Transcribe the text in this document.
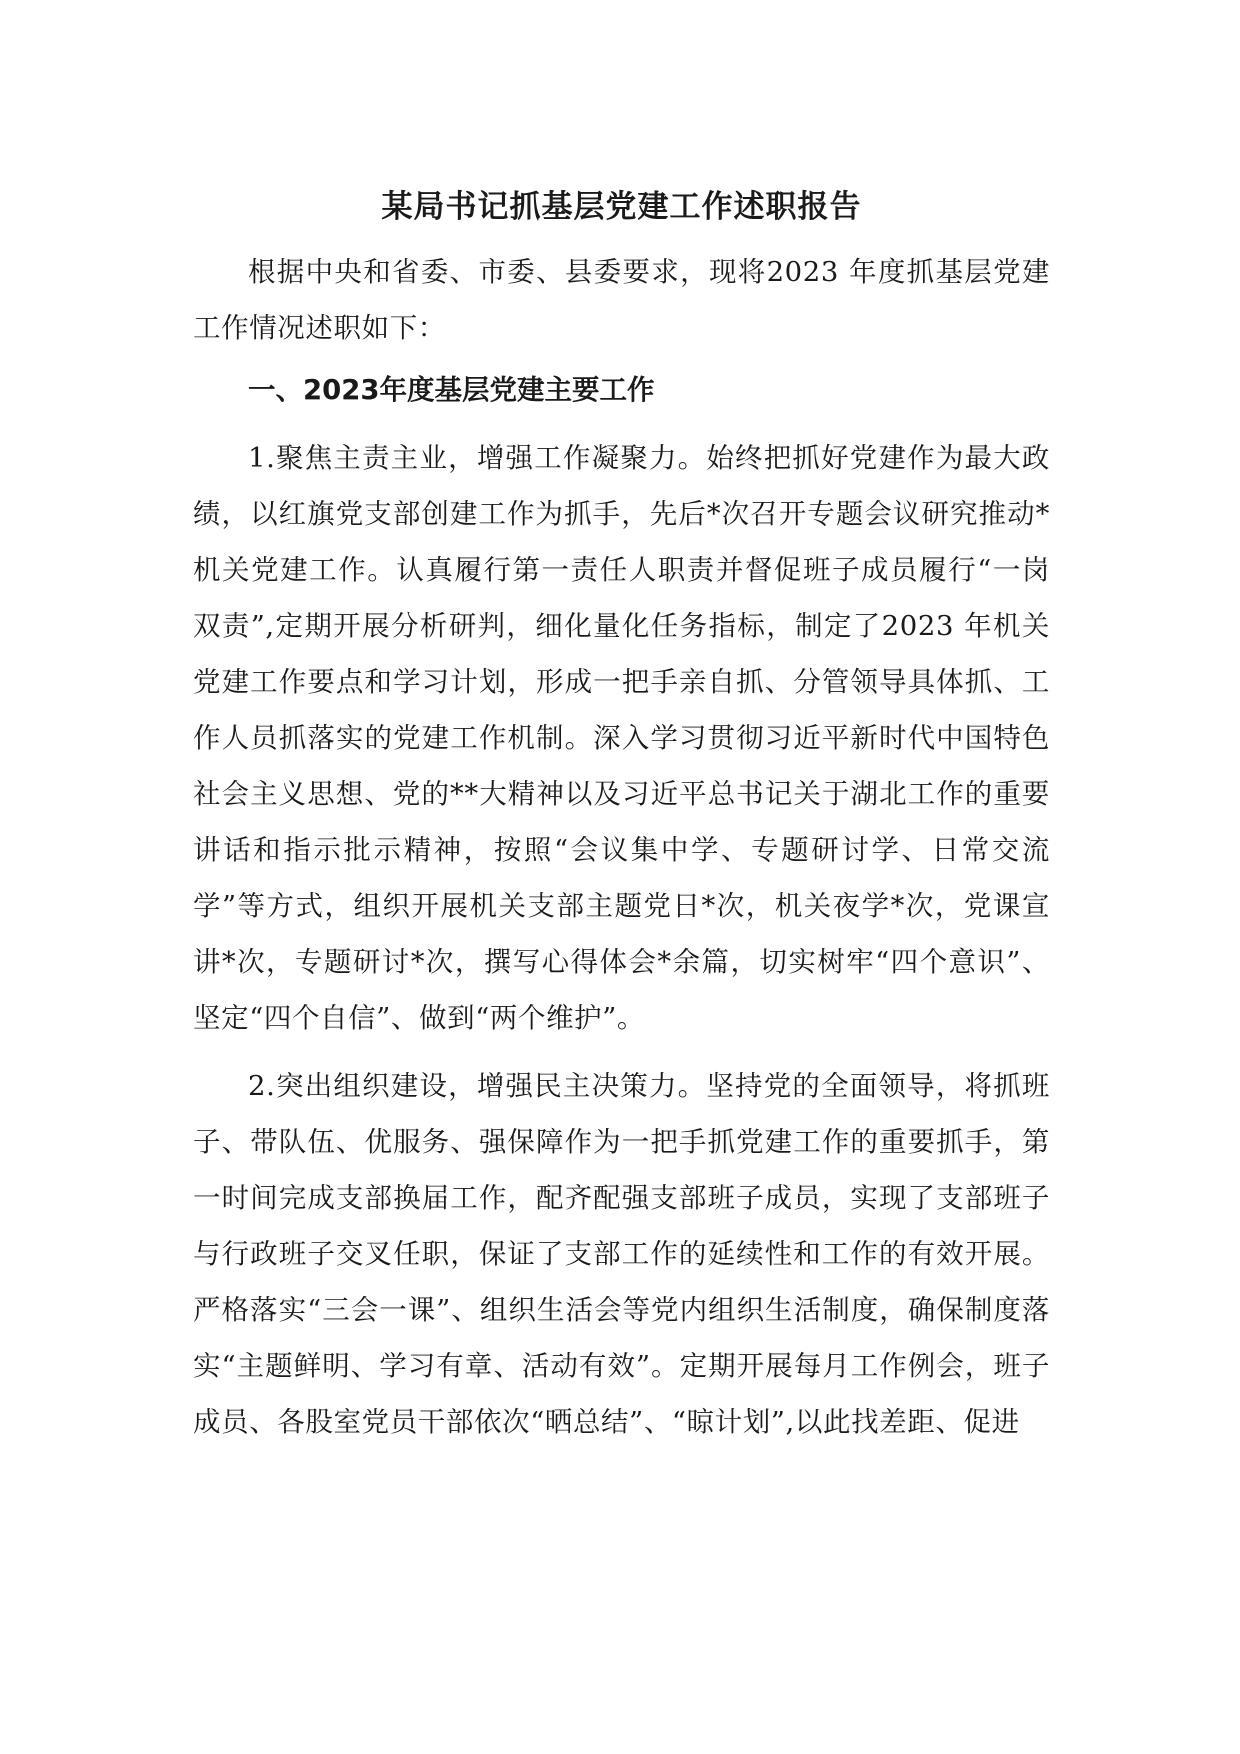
某局书记抓基层党建工作述职报告

根据中央和省委、市委、县委要求，现将2023 年度抓基层党建工作情况述职如下：

一、2023年度基层党建主要工作

1.聚焦主责主业，增强工作凝聚力。始终把抓好党建作为最大政绩，以红旗党支部创建工作为抓手，先后*次召开专题会议研究推动*机关党建工作。认真履行第一责任人职责并督促班子成员履行“一岗双责”,定期开展分析研判，细化量化任务指标，制定了2023 年机关党建工作要点和学习计划，形成一把手亲自抓、分管领导具体抓、工作人员抓落实的党建工作机制。深入学习贯彻习近平新时代中国特色社会主义思想、党的**大精神以及习近平总书记关于湖北工作的重要讲话和指示批示精神，按照“会议集中学、专题研讨学、日常交流学”等方式，组织开展机关支部主题党日*次，机关夜学*次，党课宣讲*次，专题研讨*次，撰写心得体会*余篇，切实树牢“四个意识”、坚定“四个自信”、做到“两个维护”。

2.突出组织建设，增强民主决策力。坚持党的全面领导，将抓班子、带队伍、优服务、强保障作为一把手抓党建工作的重要抓手，第一时间完成支部换届工作，配齐配强支部班子成员，实现了支部班子与行政班子交叉任职，保证了支部工作的延续性和工作的有效开展。严格落实“三会一课”、组织生活会等党内组织生活制度，确保制度落实“主题鲜明、学习有章、活动有效”。定期开展每月工作例会，班子成员、各股室党员干部依次“晒总结”、“晾计划”,以此找差距、促进
